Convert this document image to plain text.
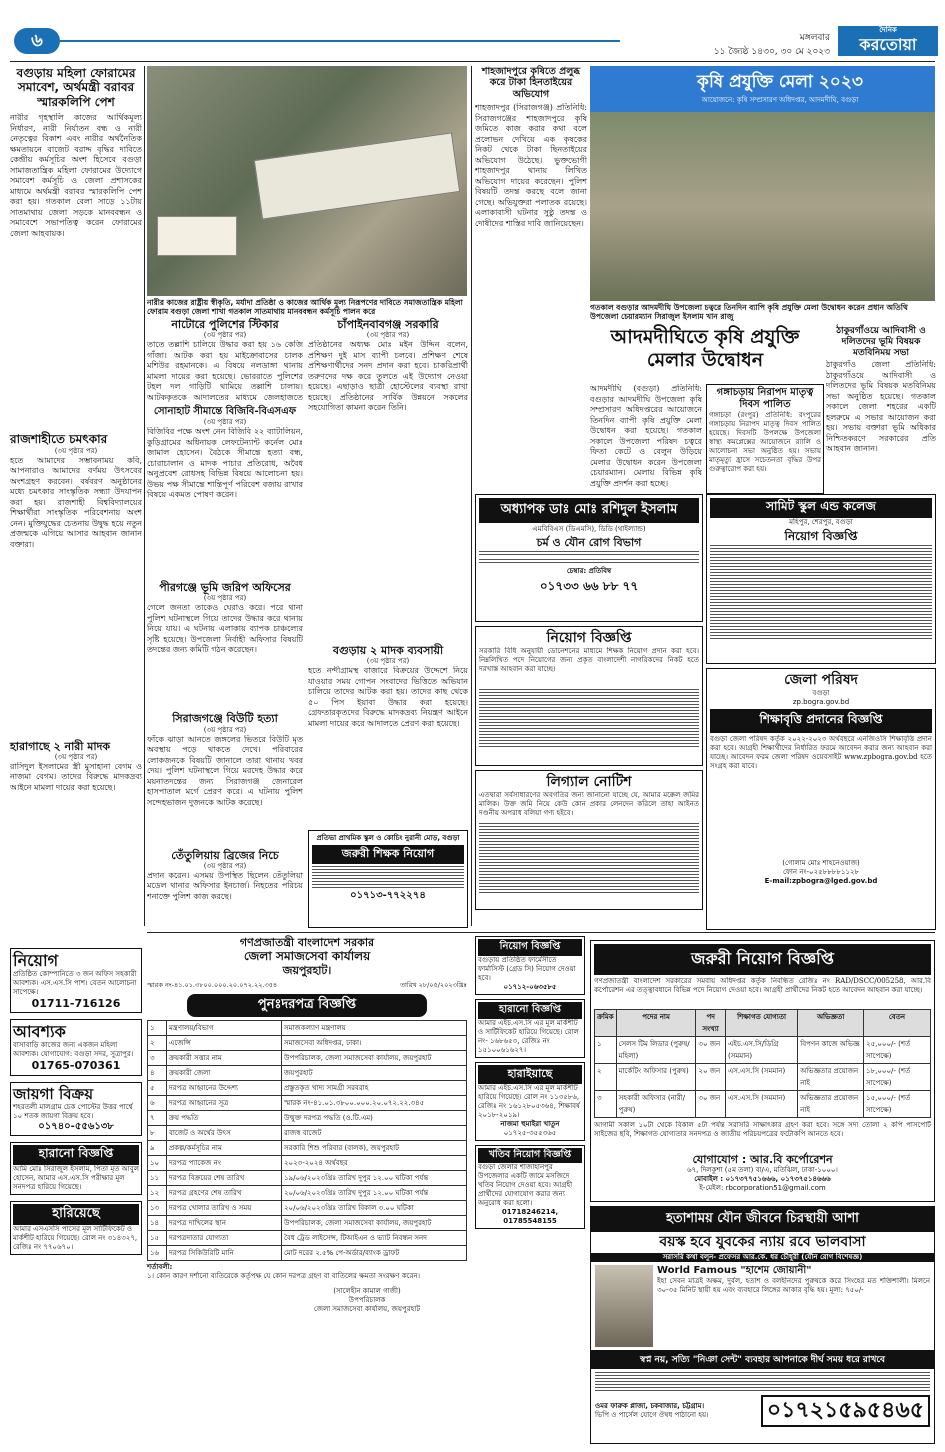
৬
১১ জ্যৈষ্ঠ ১৪৩০, ৩০ মে ২০২৩
মঙ্গলবার
দৈনিক
করতোয়া
বগুড়ায় মহিলা ফোরামের সমাবেশ, অর্থমন্ত্রী বরাবর স্মারকলিপি পেশ
নারীর গৃহস্থালি কাজের আর্থিকমূল্য নির্ধারণ, নারী নির্যাতন বন্ধ ও নারী নেতৃত্বের বিকাশ এবং নারীর অর্থনৈতিক ক্ষমতায়নে বাজেট বরাদ্দ বৃদ্ধির দাবিতে কেন্দ্রীয় কর্মসূচির অংশ হিসেবে বগুড়া সামাজতান্ত্রিক মহিলা ফোরামের উদ্যোগে সমাবেশ কর্মসূচি ও জেলা প্রশাসকের মাধ্যমে অর্থমন্ত্রী বরাবর স্মারকলিপি পেশ করা হয়। গতকাল বেলা সাড়ে ১১টায় সাতমাথায় জেলা সড়কে মানববন্ধন ও সমাবেশে সভাপতিত্ব করেন ফোরামের জেলা আহবায়ক।
রাজশাহীতে চমৎকার
(৩য় পৃষ্ঠার পর)
হতে আমাদের সম্ভাবনাময় কবি, আপনারাও আমাদের বর্ণময় উৎসবের অংশগ্রহণ করবেন। বর্ষবরণ অনুষ্ঠানের মধ্যে চমৎকার সাংস্কৃতিক সন্ধ্যা উদযাপন করা হয়। রাজশাহী বিশ্ববিদ্যালয়ের শিক্ষার্থীরা সাংস্কৃতিক পরিবেশনায় অংশ নেন। মুক্তিযুদ্ধের চেতনায় উদ্বুদ্ধ হয়ে নতুন প্রজন্মকে এগিয়ে আসার আহবান জানান বক্তারা।
হারাগাছে ২ নারী মাদক
(৩য় পৃষ্ঠার পর)
রাসিদুল ইসলামের স্ত্রী মুসাহানা বেগম ও নাজমা বেগম। তাদের বিরুদ্ধে মাদকদ্রব্য আইনে মামলা দায়ের করা হয়েছে।
নিয়োগ
প্রতিষ্ঠিত কোম্পানিতে ৩ জন অফিস সহকারী আবশ্যক। এস.এস.সি পাশ। বেতন আলোচনা সাপেক্ষে।
01711-716126
আবশ্যক
বাসাবাড়ি কাজের জন্য একজন মহিলা আবশ্যক। যোগাযোগ: বগুড়া সদর, সুত্রাপুর।
01765-070361
জায়গা বিক্রয়
শহরতলী মালগ্রাম চেক পোস্টের উত্তর পার্শ্বে ১০ শতক জায়গা বিক্রয় হবে।
০১৭৪০-৫৫৬১৩৮
হারানো বিজ্ঞপ্তি
আমি মোঃ সিরাজুল ইসলাম, পিতা মৃত আবুল হোসেন, আমার এস.এস.সি পরীক্ষার মূল সনদপত্র হারিয়ে গিয়েছে।
হারিয়েছে
আমার এসএসসি পাসের মূল সার্টিফিকেট ও মার্কশীট হারিয়ে গিয়েছে। রোল নং ৩১৪৩২৭, রেজিঃ নং ৭৭০৬৭০।
নারীর কাজের রাষ্ট্রীয় স্বীকৃতি, মর্যাদা প্রতিষ্ঠা ও কাজের আর্থিক মূল্য নিরূপণের দাবিতে সমাজতান্ত্রিক মহিলা ফোরাম বগুড়া জেলা শাখা গতকাল সাতমাথায় মানববন্ধন কর্মসূচি পালন করে
নাটোরে পুলিশের স্টিকার
(৩য় পৃষ্ঠার পর)
তাতে তল্লাশি চালিয়ে উদ্ধার করা হয় ১৬ কেজি গাঁজা। আটক করা হয় মাইক্রোবাসের চালক মশিউর রহমানকে। এ বিষয়ে নলডাঙ্গা থানায় মামলা দায়ের করা হয়েছে। ভোররাতে পুলিশের টহল দল গাড়িটি থামিয়ে তল্লাশি চালায়। আটককৃতকে আদালতের মাধ্যমে জেলহাজতে
সোনাহাট সীমান্তে বিজিবি-বিএসএফ
(৩য় পৃষ্ঠার পর)
বিজিবির পক্ষে অংশ নেন বিজিবি ২২ ব্যাটালিয়ন, কুড়িগ্রামের অধিনায়ক লেফটেন্যান্ট কর্নেল মোঃ জামাল হোসেন। বৈঠকে সীমান্তে হত্যা বন্ধ, চোরাচালান ও মাদক পাচার প্রতিরোধ, অবৈধ অনুপ্রবেশ রোধসহ বিভিন্ন বিষয়ে আলোচনা হয়। উভয় পক্ষ সীমান্তে শান্তিপূর্ণ পরিবেশ বজায় রাখার বিষয়ে একমত পোষণ করেন।
পীরগঞ্জে ভূমি জরিপ অফিসের
(৩য় পৃষ্ঠার পর)
গেলে জনতা তাকেও ঘেরাও করে। পরে থানা পুলিশ ঘটনাস্থলে গিয়ে তাদের উদ্ধার করে থানায় নিয়ে যায়। এ ঘটনায় এলাকায় ব্যাপক চাঞ্চল্যের সৃষ্টি হয়েছে। উপজেলা নির্বাহী অফিসার বিষয়টি তদন্তের জন্য কমিটি গঠন করেছেন।
সিরাজগঞ্জে বিউটি হত্যা
(৩য় পৃষ্ঠার পর)
ফাঁকে ঝাড়া আনতে জঙ্গলের ভিতরে বিউটি মৃত অবস্থায় পড়ে থাকতে দেখে। পরিবারের লোকজনকে বিষয়টি জানালে তারা থানায় খবর দেয়। পুলিশ ঘটনাস্থলে গিয়ে মরদেহ উদ্ধার করে ময়নাতদন্তের জন্য সিরাজগঞ্জ জেনারেল হাসপাতাল মর্গে প্রেরণ করে। এ ঘটনায় পুলিশ সন্দেহভাজন দুজনকে আটক করেছে।
তেঁতুলিয়ায় ব্রিজের নিচে
(৩য় পৃষ্ঠার পর)
প্রদান করেন। এসময় উপস্থিত ছিলেন তেঁতুলিয়া মডেল থানার অফিসার ইনচার্জ। নিহতের পরিচয় শনাক্তে পুলিশ কাজ করছে।
চাঁপাইনবাবগঞ্জ সরকারি
(৩য় পৃষ্ঠার পর)
প্রতিষ্ঠানের অধ্যক্ষ মোঃ মইন উদ্দিন বলেন, প্রশিক্ষণ দুই মাস ব্যাপী চলবে। প্রশিক্ষণ শেষে প্রশিক্ষণার্থীদের সনদ প্রদান করা হবে। চাকরিপ্রার্থী তরুণদের দক্ষ করে তুলতে এই উদ্যোগ নেওয়া হয়েছে। এছাড়াও ছাত্রী হোস্টেলের ব্যবস্থা রাখা হয়েছে। প্রতিষ্ঠানের সার্বিক উন্নয়নে সকলের সহযোগিতা কামনা করেন তিনি।
বগুড়ায় ২ মাদক ব্যবসায়ী
(৩য় পৃষ্ঠার পর)
হতে নন্দীগ্রামস্থ বাজারে বিক্রয়ের উদ্দেশে নিয়ে যাওয়ার সময় গোপন সংবাদের ভিত্তিতে অভিযান চালিয়ে তাদের আটক করা হয়। তাদের কাছ থেকে ৫০ পিস ইয়াবা উদ্ধার করা হয়েছে। গ্রেফতারকৃতদের বিরুদ্ধে মাদকদ্রব্য নিয়ন্ত্রণ আইনে মামলা দায়ের করে আদালতে প্রেরণ করা হয়েছে।
শাহজাদপুরে কৃষিতে প্রলুব্ধ করে টাকা হিনতাইয়ের অভিযোগ
শাহজাদপুর (সিরাজগঞ্জ) প্রতিনিধি: সিরাজগঞ্জের শাহজাদপুরে কৃষি জমিতে কাজ করার কথা বলে প্রলোভন দেখিয়ে এক কৃষকের নিকট থেকে টাকা ছিনতাইয়ের অভিযোগ উঠেছে। ভুক্তভোগী শাহজাদপুর থানায় লিখিত অভিযোগ দায়ের করেছেন। পুলিশ বিষয়টি তদন্ত করছে বলে জানা গেছে। অভিযুক্তরা পলাতক রয়েছে। এলাকাবাসী ঘটনার সুষ্ঠু তদন্ত ও দোষীদের শাস্তির দাবি জানিয়েছেন।
কৃষি প্রযুক্তি মেলা ২০২৩
আয়োজনে: কৃষি সম্প্রসারণ অধিদপ্তর, আদমদীঘি, বগুড়া
গতকাল বগুড়ার আদমদীঘি উপজেলা চত্বরে তিনদিন ব্যাপি কৃষি প্রযুক্তি মেলা উদ্বোধন করেন প্রধান অতিথি উপজেলা চেয়ারম্যান সিরাজুল ইসলাম খান রাজু
আদমদীঘিতে কৃষি প্রযুক্তি মেলার উদ্বোধন
আদমদীঘি (বগুড়া) প্রতিনিধি: বগুড়ার আদমদীঘি উপজেলা কৃষি সম্প্রসারণ অধিদপ্তরের আয়োজনে তিনদিন ব্যাপী কৃষি প্রযুক্তি মেলা উদ্বোধন করা হয়েছে। গতকাল সকালে উপজেলা পরিষদ চত্বরে ফিতা কেটে ও বেলুন উড়িয়ে মেলার উদ্বোধন করেন উপজেলা চেয়ারম্যান। মেলায় বিভিন্ন কৃষি প্রযুক্তি প্রদর্শন করা হচ্ছে।
গঙ্গাচড়ায় নিরাপদ মাতৃত্ব দিবস পালিত
গঙ্গাচড়া (রংপুর) প্রতিনিধি: রংপুরের গঙ্গাচড়ায় নিরাপদ মাতৃত্ব দিবস পালিত হয়েছে। দিবসটি উপলক্ষে উপজেলা স্বাস্থ্য কমপ্লেক্সের আয়োজনে র‍্যালি ও আলোচনা সভা অনুষ্ঠিত হয়। সভায় মাতৃমৃত্যু হ্রাসে সচেতনতা বৃদ্ধির উপর গুরুত্বারোপ করা হয়।
ঠাকুরগাঁওয়ে আদিবাসী ও দলিতদের ভূমি বিষয়ক মতবিনিময় সভা
ঠাকুরগাঁও জেলা প্রতিনিধি: ঠাকুরগাঁওয়ে আদিবাসী ও দলিতদের ভূমি বিষয়ক মতবিনিময় সভা অনুষ্ঠিত হয়েছে। গতকাল সকালে জেলা শহরের একটি হলরুমে এ সভার আয়োজন করা হয়। সভায় বক্তারা ভূমি অধিকার নিশ্চিতকরণে সরকারের প্রতি আহবান জানান।
অধ্যাপক ডাঃ মোঃ রশিদুল ইসলাম
এমবিবিএস (ডিএমসি), ডিডি (থাইল্যান্ড)
চর্ম ও যৌন রোগ বিভাগ
চেম্বার: প্রতিবিম্ব
০১৭৩৩ ৬৬ ৮৮ ৭৭
নিয়োগ বিজ্ঞপ্তি
সরকারি বিধি অনুযায়ী ডোনেশনের মাধ্যমে শিক্ষক নিয়োগ প্রদান করা হবে। নিম্নলিখিত পদে নিয়োগের জন্য প্রকৃত বাংলাদেশী নাগরিকদের নিকট হতে দরখাস্ত আহবান করা যাচ্ছে।
লিগ্যাল নোটিশ
এতদ্বারা সর্বসাধারণের অবগতির জন্য জানানো যাচ্ছে যে, আমার মক্কেল জমির মালিক। উক্ত জমি নিয়ে কেউ কোন প্রকার লেনদেন করিলে তাহা আইনত দণ্ডনীয় অপরাধ বলিয়া গণ্য হইবে।
প্রতিভা প্রাথমিক স্কুল ও কোচিং নুরানী মোড়, বগুড়া
জরুরী শিক্ষক নিয়োগ
০১৭১৩-৭৭২২৭৪
সামিট স্কুল এন্ড কলেজ
মহিপুর, শেরপুর, বগুড়া
নিয়োগ বিজ্ঞপ্তি
জেলা পরিষদ
বগুড়া
zp.bogra.gov.bd
শিক্ষাবৃত্তি প্রদানের বিজ্ঞপ্তি
বগুড়া জেলা পরিষদ কর্তৃক ২০২২-২০২৩ অর্থবছরে এনজিওসি শিক্ষাবৃত্তি প্রদান করা হবে। আগ্রহী শিক্ষার্থীদের নির্ধারিত ফরমে আবেদন করার জন্য আহবান করা যাচ্ছে। আবেদন ফরম জেলা পরিষদ ওয়েবসাইট www.zpbogra.gov.bd হতে সংগ্রহ করা যাবে।
(গোলাম মোঃ শাহনেওয়াজ)
ফোন নং-০২৫৮৮৮৮১১২৮
E-mail:zpbogra@lged.gov.bd
গণপ্রজাতন্ত্রী বাংলাদেশ সরকার
জেলা সমাজসেবা কার্যালয়
জয়পুরহাট।
স্মারক নং-৪১.০১.৩৮০০.০০০.২০.০৭২.২২.৩৫৪	তারিখ ২৮/০৫/২০২৩খ্রিঃ
পুনঃদরপত্র বিজ্ঞপ্তি
১	মন্ত্রণালয়/বিভাগ	সমাজকল্যাণ মন্ত্রণালয়
২	এজেন্সি	সমাজসেবা অধিদপ্তর, ঢাকা।
৩	ক্রয়কারী সত্তার নাম	উপপরিচালক, জেলা সমাজসেবা কার্যালয়, জয়পুরহাট
৪	ক্রয়কারী জেলা	জয়পুরহাট
৫	দরপত্র আহ্বানের উদ্দেশ্য	প্রস্তুতকৃত খাদ্য সামগ্রী সরবরাহ
৬	দরপত্র আহ্বানের সূত্র	স্মারক নং-৪১.০১.৩৮০০.০০০.২০.০৭২.২২.৩৪৫
৭	ক্রয় পদ্ধতি	উন্মুক্ত দরপত্র পদ্ধতি (ও.টি.এম)
৮	বাজেট ও অর্থের উৎস	রাজস্ব বাজেট
৯	প্রকল্প/কর্মসূচির নাম	সরকারি শিশু পরিবার (বালক), জয়পুরহাট
১০	দরপত্র প্যাকেজ নং	২০২৩-২০২৪ অর্থবছর
১১	দরপত্র বিক্রয়ের শেষ তারিখ	১৯/০৬/২০২৩খ্রিঃ তারিখ দুপুর ১২.০০ ঘটিকা পর্যন্ত
১২	দরপত্র গ্রহণের শেষ তারিখ	২০/০৬/২০২৩খ্রিঃ তারিখ দুপুর ১২.০০ ঘটিকা পর্যন্ত
১৩	দরপত্র খোলার তারিখ ও সময়	২০/০৬/২০২৩খ্রিঃ তারিখ বিকাল ৩.০০ ঘটিকা
১৪	দরপত্র দাখিলের স্থান	উপপরিচালক, জেলা সমাজসেবা কার্যালয়, জয়পুরহাট
১৫	দরপত্রদাতার যোগ্যতা	বৈধ ট্রেড লাইসেন্স, টিআইএন ও ভ্যাট নিবন্ধন সনদ
১৬	দরপত্র সিকিউরিটি মানি	মোট দরের ২.৫% পে-অর্ডার/ব্যাংক ড্রাফট
শর্তাবলী:
১। কোন কারণ দর্শানো ব্যতিরেকে কর্তৃপক্ষ যে কোন দরপত্র গ্রহণ বা বাতিলের ক্ষমতা সংরক্ষণ করেন।
(সালেহীন কামাল গাজী)
উপপরিচালক
জেলা সমাজসেবা কার্যালয়, জয়পুরহাট
নিয়োগ বিজ্ঞপ্তি
বগুড়ায় প্রতিষ্ঠিত ফার্মেসীতে ফার্মাসিস্ট (গ্রেড সি) নিয়োগ দেওয়া হবে।
০১৭১২-০৬৩৫৮৫
হারানো বিজ্ঞপ্তি
আমার এইচ.এস.সি এর মূল মার্কশীট ও সার্টিফিকেট হারিয়ে গিয়েছে। রোল নং- ১৬৮৬৫৩, রেজিঃ নং ১৫১০০৬১৬২৭।
হারাইয়াছে
আমার এইচ.এস.সি এর মূল মার্কশীট হারিয়ে গিয়েছে। রোল নং ১১৩৫৮৬, রেজিঃ নং ১৬১২৮০৫৩৬৪, শিক্ষাবর্ষ ২০১৮-২০১৯।
নাজমা হুমাইরা খাতুন
০১৭২৫-৩৫৫৩৬৫
খতিব নিয়োগ বিজ্ঞপ্তি
বগুড়া জেলার শাজাহানপুর উপজেলার একটি জামে মসজিদে খতিব নিয়োগ দেওয়া হবে। আগ্রহী প্রার্থীদের যোগাযোগ করার জন্য অনুরোধ করা হলো।
01718246214, 01785548155
জরুরী নিয়োগ বিজ্ঞপ্তি
গণপ্রজাতন্ত্রী বাংলাদেশ সরকারের সমবায় অধিদপ্তর কর্তৃক নিবন্ধিত রেজিঃ নং RAD/DSCC/005258, আর.বি কর্পোরেশন এর তত্ত্বাবধানে বিভিন্ন পদে নিয়োগ দেওয়া হবে। আগ্রহী প্রার্থীদের নিকট হতে আবেদন আহবান করা যাচ্ছে।
ক্রমিক	পদের নাম	পদ সংখ্যা	শিক্ষাগত যোগ্যতা	অভিজ্ঞতা	বেতন
১	সেলস টিম লিডার (পুরুষ/মহিলা)	৩০ জন	এইচ.এস.সি/ডিগ্রি (সমমান)	বিপণন কাজে অভিজ্ঞ	২৫,০০০/- (শর্ত সাপেক্ষে)
২	মার্কেটিং অফিসার (পুরুষ)	২০ জন	এস.এস.সি (সমমান)	অভিজ্ঞতার প্রয়োজন নাই	১৮,০০০/- (শর্ত সাপেক্ষে)
৩	সহকারী অফিসার (নারী/পুরুষ)	৩০ জন	এস.এস.সি (সমমান)	অভিজ্ঞতার প্রয়োজন নাই	১৫,০০০/- (শর্ত সাপেক্ষে)
আগামী সকাল ১০টা থেকে বিকাল ৫টা পর্যন্ত সরাসরি সাক্ষাৎকার গ্রহণ করা হবে। সঙ্গে সদ্য তোলা ২ কপি পাসপোর্ট সাইজের ছবি, শিক্ষাগত যোগ্যতার সনদপত্র ও জাতীয় পরিচয়পত্রের ফটোকপি আনতে হবে।
যোগাযোগ : আর.বি কর্পোরেশন
৬৭, দিলকুশা (৫ম তলা) বা/এ, মতিঝিল, ঢাকা-১০০০।
মোবাইল : ০১৭৩৭৭৫১৬৬৬, ০১৭৩৭৫১৪৬৬৬
ই-মেইল: rbcorporation51@gmail.com
হতাশাময় যৌন জীবনে চিরস্থায়ী আশা
বয়স্ক হবে যুবকের ন্যায় রবে ভালবাসা
সরাসরি কথা বলুন- প্রফেসর আর.কে. ধর চৌধুরী (যৌন রোগ বিশেষজ্ঞ)
World Famous "হাশেম জোয়ানী"
ইহা সেবন মাত্রই অক্ষম, দুর্বল, হতাশ ও বলহীনদের পুরুষকে করে সিংহের মত শক্তিশালী। মিলনে ৩০-৩৫ মিনিট স্থায়ী হয় এবং ব্যবহারে লিঙ্গের আকার বৃদ্ধি হয়। মূল্য: ৭৫০/-
স্বপ্ন নয়, সত্যি "নিঞা সেন্ট" ব্যবহার আপনাকে দীর্ঘ সময় ধরে রাখবে
ওমর ফারুক প্লাজা, চকবাজার, চট্টগ্রাম।
ভিপি ও পার্সেল যোগে ঔষধ পাঠানো হয়।	০১৭২১৫৯৫৪৬৫
